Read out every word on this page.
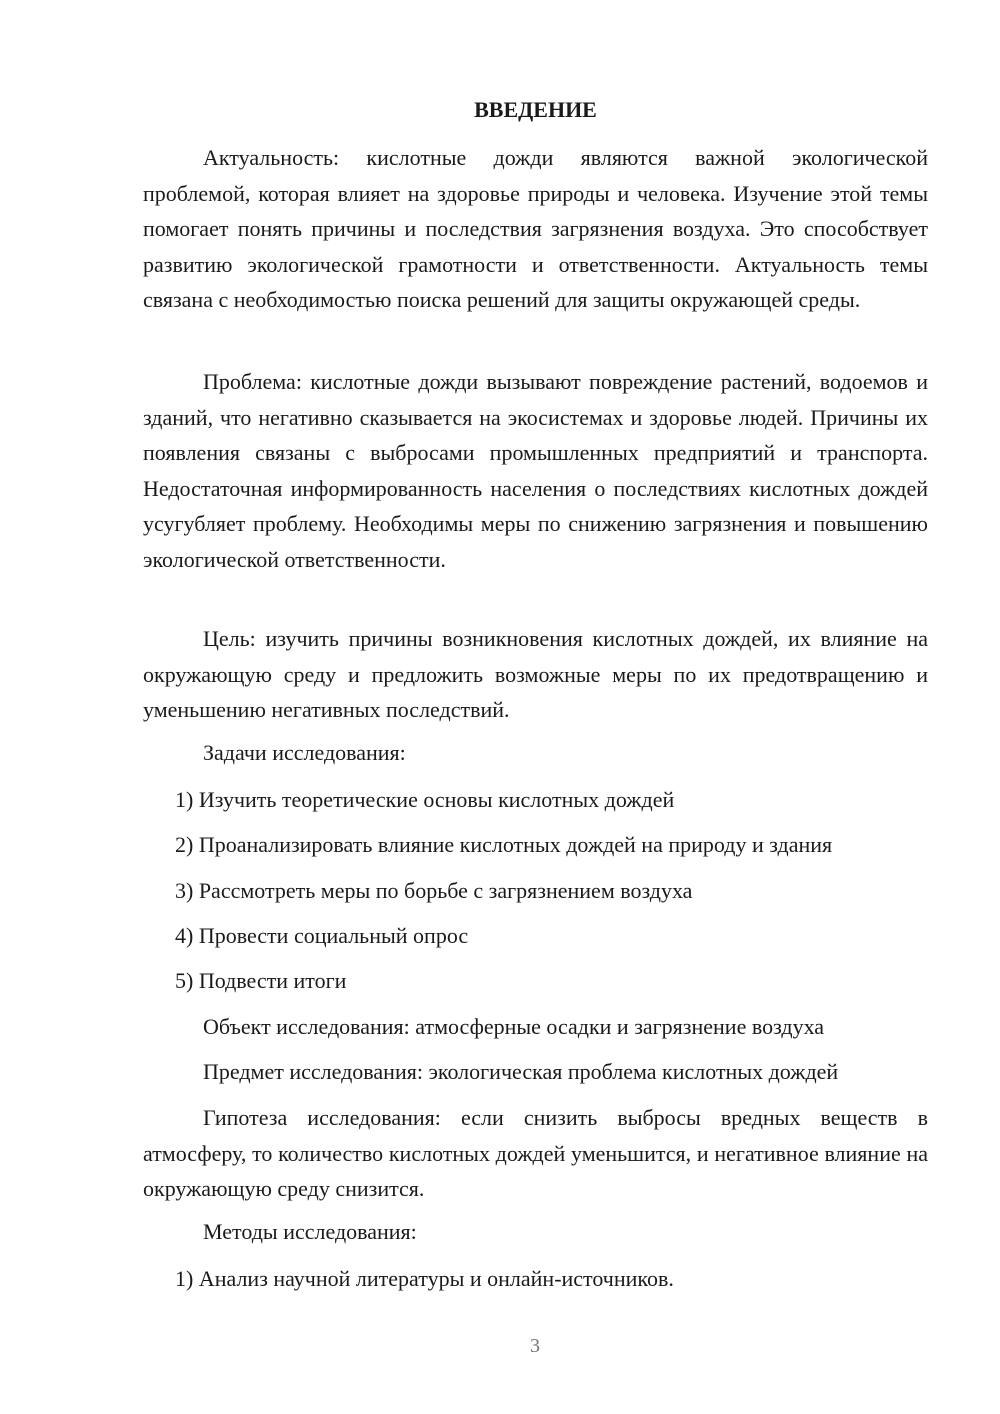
ВВЕДЕНИЕ

Актуальность: кислотные дожди являются важной экологической проблемой, которая влияет на здоровье природы и человека. Изучение этой темы помогает понять причины и последствия загрязнения воздуха. Это способствует развитию экологической грамотности и ответственности. Актуальность темы связана с необходимостью поиска решений для защиты окружающей среды.

Проблема: кислотные дожди вызывают повреждение растений, водоемов и зданий, что негативно сказывается на экосистемах и здоровье людей. Причины их появления связаны с выбросами промышленных предприятий и транспорта. Недостаточная информированность населения о последствиях кислотных дождей усугубляет проблему. Необходимы меры по снижению загрязнения и повышению экологической ответственности.

Цель: изучить причины возникновения кислотных дождей, их влияние на окружающую среду и предложить возможные меры по их предотвращению и уменьшению негативных последствий.

Задачи исследования:
1) Изучить теоретические основы кислотных дождей
2) Проанализировать влияние кислотных дождей на природу и здания
3) Рассмотреть меры по борьбе с загрязнением воздуха
4) Провести социальный опрос
5) Подвести итоги
Объект исследования: атмосферные осадки и загрязнение воздуха
Предмет исследования: экологическая проблема кислотных дождей

Гипотеза исследования: если снизить выбросы вредных веществ в атмосферу, то количество кислотных дождей уменьшится, и негативное влияние на окружающую среду снизится.

Методы исследования:
1) Анализ научной литературы и онлайн-источников.
3
